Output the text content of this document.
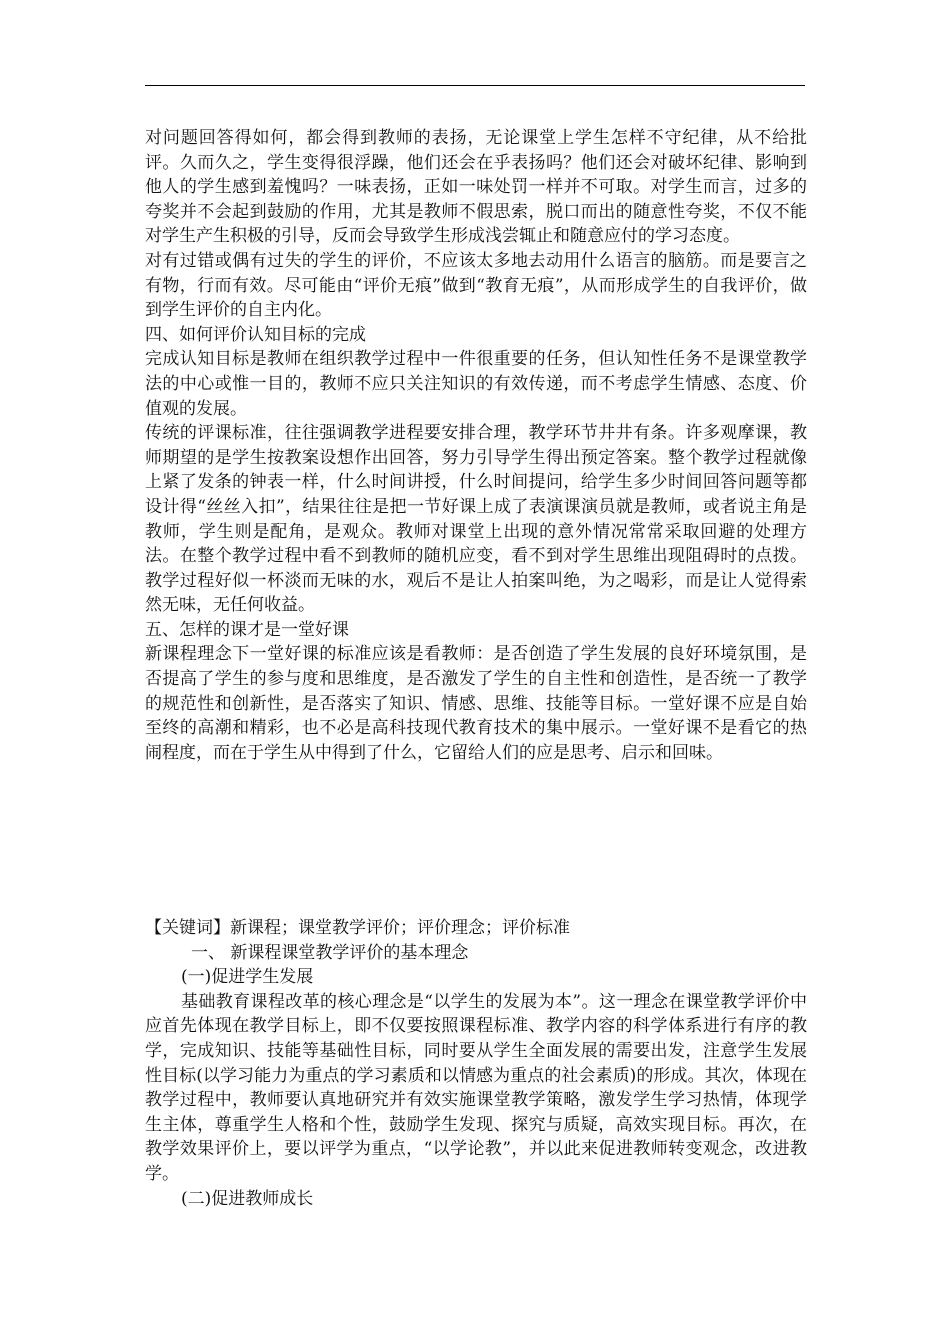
对问题回答得如何，都会得到教师的表扬，无论课堂上学生怎样不守纪律，从不给批评。久而久之，学生变得很浮躁，他们还会在乎表扬吗？他们还会对破坏纪律、影响到他人的学生感到羞愧吗？一味表扬，正如一味处罚一样并不可取。对学生而言，过多的夸奖并不会起到鼓励的作用，尤其是教师不假思索，脱口而出的随意性夸奖，不仅不能对学生产生积极的引导，反而会导致学生形成浅尝辄止和随意应付的学习态度。

对有过错或偶有过失的学生的评价，不应该太多地去动用什么语言的脑筋。而是要言之有物，行而有效。尽可能由“评价无痕”做到“教育无痕”，从而形成学生的自我评价，做到学生评价的自主内化。

四、如何评价认知目标的完成

完成认知目标是教师在组织教学过程中一件很重要的任务，但认知性任务不是课堂教学法的中心或惟一目的，教师不应只关注知识的有效传递，而不考虑学生情感、态度、价值观的发展。

传统的评课标准，往往强调教学进程要安排合理，教学环节井井有条。许多观摩课，教师期望的是学生按教案设想作出回答，努力引导学生得出预定答案。整个教学过程就像上紧了发条的钟表一样，什么时间讲授，什么时间提问，给学生多少时间回答问题等都设计得“丝丝入扣”，结果往往是把一节好课上成了表演课演员就是教师，或者说主角是教师，学生则是配角，是观众。教师对课堂上出现的意外情况常常采取回避的处理方法。在整个教学过程中看不到教师的随机应变，看不到对学生思维出现阻碍时的点拨。教学过程好似一杯淡而无味的水，观后不是让人拍案叫绝，为之喝彩，而是让人觉得索然无味，无任何收益。

五、怎样的课才是一堂好课

新课程理念下一堂好课的标准应该是看教师：是否创造了学生发展的良好环境氛围，是否提高了学生的参与度和思维度，是否激发了学生的自主性和创造性，是否统一了教学的规范性和创新性，是否落实了知识、情感、思维、技能等目标。一堂好课不应是自始至终的高潮和精彩，也不必是高科技现代教育技术的集中展示。一堂好课不是看它的热闹程度，而在于学生从中得到了什么，它留给人们的应是思考、启示和回味。

【关键词】新课程；课堂教学评价；评价理念；评价标准

一、 新课程课堂教学评价的基本理念

(一)促进学生发展

基础教育课程改革的核心理念是“以学生的发展为本”。这一理念在课堂教学评价中应首先体现在教学目标上，即不仅要按照课程标准、教学内容的科学体系进行有序的教学，完成知识、技能等基础性目标，同时要从学生全面发展的需要出发，注意学生发展性目标(以学习能力为重点的学习素质和以情感为重点的社会素质)的形成。其次，体现在教学过程中，教师要认真地研究并有效实施课堂教学策略，激发学生学习热情，体现学生主体，尊重学生人格和个性，鼓励学生发现、探究与质疑，高效实现目标。再次，在教学效果评价上，要以评学为重点，“以学论教”，并以此来促进教师转变观念，改进教学。

(二)促进教师成长
